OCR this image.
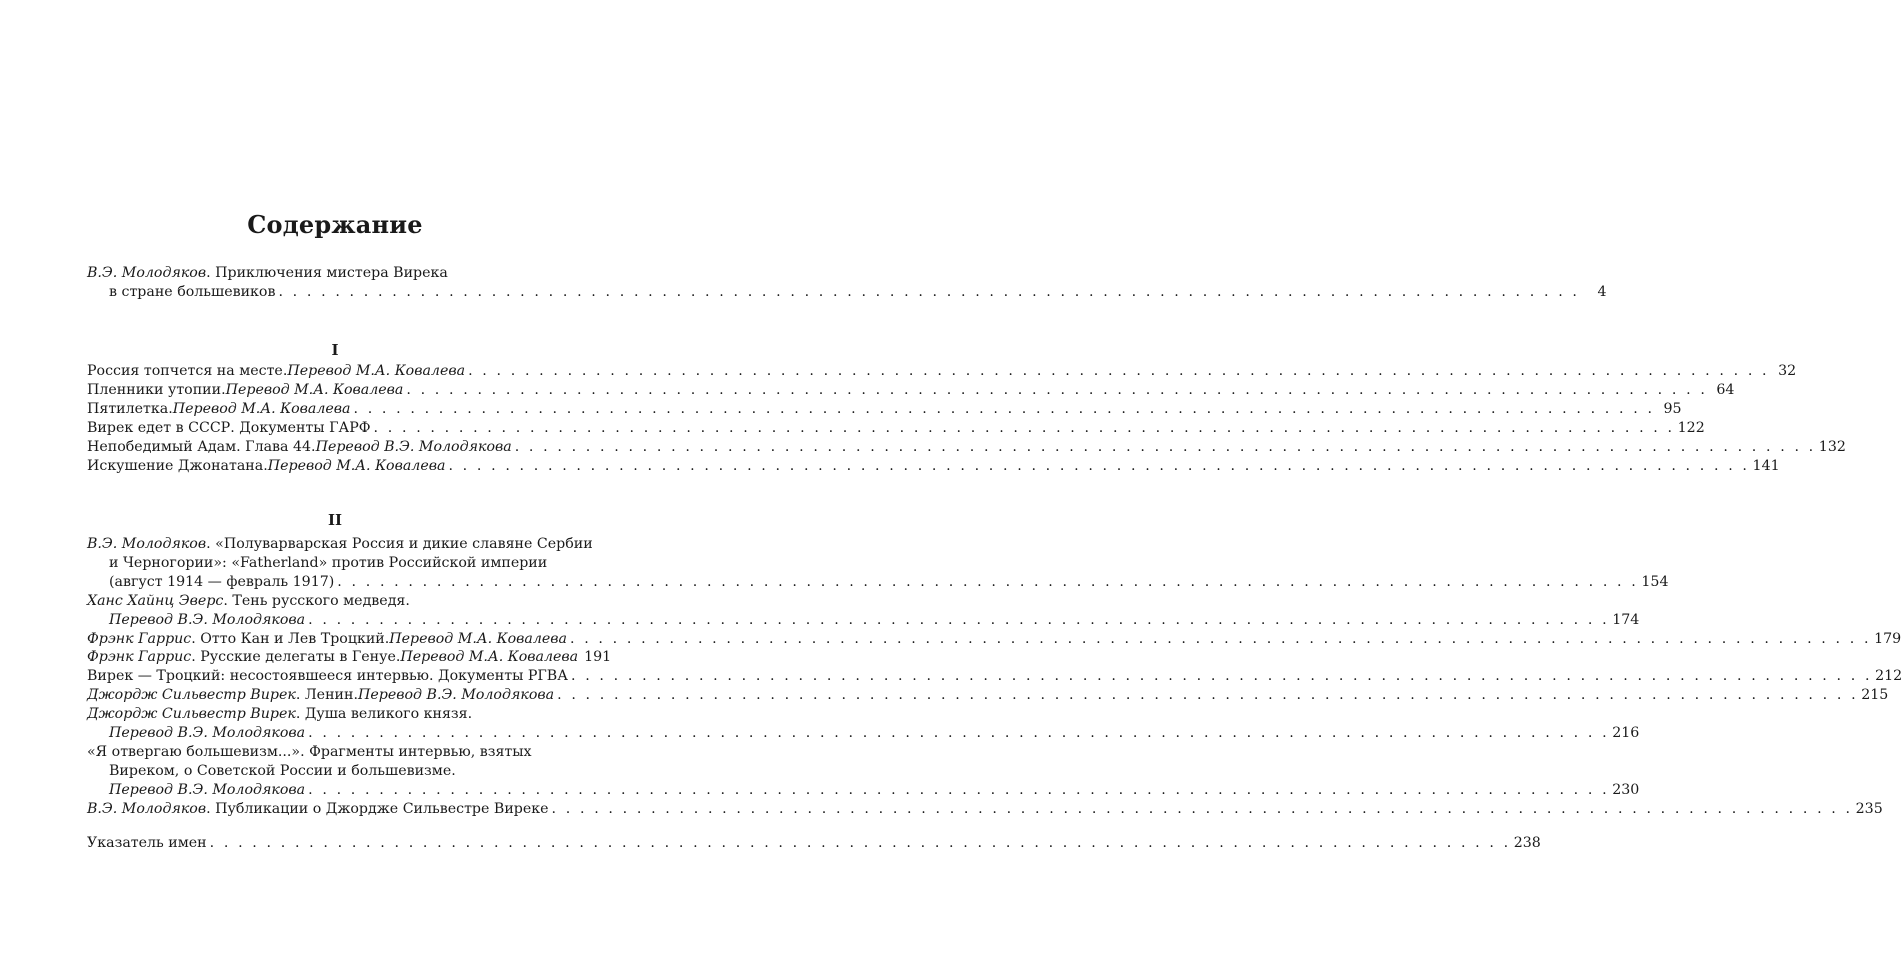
Содержание
В.Э. Молодяков . Приключения мистера Вирека
в стране большевиков . . . . . . . . . . . . . . . . . . . . . . . . . . . . . . . . . . . . . . . . . . . . . . . . . . . . . . . . . . . . . . . . . . . . . . . . . . . . . . . . . . . . . . . . . . . .	4
I
Россия топчется на месте. Перевод М.А. Ковалева . . . . . . . . . . . . . . . . . . . . . . . . . . . . . . . . . . . . . . . . . . . . . . . . . . . . . . . . . . . . . . . . . . . . . . . . . . . . . . . . . . . . . . . . . . . . 32
Пленники утопии. Перевод М.А. Ковалева . . . . . . . . . . . . . . . . . . . . . . . . . . . . . . . . . . . . . . . . . . . . . . . . . . . . . . . . . . . . . . . . . . . . . . . . . . . . . . . . . . . . . . . . . . . . 64
Пятилетка. Перевод М.А. Ковалева . . . . . . . . . . . . . . . . . . . . . . . . . . . . . . . . . . . . . . . . . . . . . . . . . . . . . . . . . . . . . . . . . . . . . . . . . . . . . . . . . . . . . . . . . . . . 95
Вирек едет в СССР. Документы ГАРФ . . . . . . . . . . . . . . . . . . . . . . . . . . . . . . . . . . . . . . . . . . . . . . . . . . . . . . . . . . . . . . . . . . . . . . . . . . . . . . . . . . . . . . . . . . . . 122
Непобедимый Адам. Глава 44. Перевод В.Э. Молодякова . . . . . . . . . . . . . . . . . . . . . . . . . . . . . . . . . . . . . . . . . . . . . . . . . . . . . . . . . . . . . . . . . . . . . . . . . . . . . . . . . . . . . . . . . . . . 132
Искушение Джонатана. Перевод М.А. Ковалева . . . . . . . . . . . . . . . . . . . . . . . . . . . . . . . . . . . . . . . . . . . . . . . . . . . . . . . . . . . . . . . . . . . . . . . . . . . . . . . . . . . . . . . . . . . . 141
II
В.Э. Молодяков . «Полуварварская Россия и дикие славяне Сербии
и Черногории»: «Fatherland» против Российской империи
(август 1914 — февраль 1917) . . . . . . . . . . . . . . . . . . . . . . . . . . . . . . . . . . . . . . . . . . . . . . . . . . . . . . . . . . . . . . . . . . . . . . . . . . . . . . . . . . . . . . . . . . . . 154
Ханс Хайнц Эверс . Тень русского медведя.
Перевод В.Э. Молодякова . . . . . . . . . . . . . . . . . . . . . . . . . . . . . . . . . . . . . . . . . . . . . . . . . . . . . . . . . . . . . . . . . . . . . . . . . . . . . . . . . . . . . . . . . . . . 174
Фрэнк Гаррис . Отто Кан и Лев Троцкий. Перевод М.А. Ковалева . . . . . . . . . . . . . . . . . . . . . . . . . . . . . . . . . . . . . . . . . . . . . . . . . . . . . . . . . . . . . . . . . . . . . . . . . . . . . . . . . . . . . . . . . . . . 179
Фрэнк Гаррис . Русские делегаты в Генуе. Перевод М.А. Ковалева 191
Вирек — Троцкий: несостоявшееся интервью. Документы РГВА . . . . . . . . . . . . . . . . . . . . . . . . . . . . . . . . . . . . . . . . . . . . . . . . . . . . . . . . . . . . . . . . . . . . . . . . . . . . . . . . . . . . . . . . . . . . 212
Джордж Сильвестр Вирек . Ленин. Перевод В.Э. Молодякова . . . . . . . . . . . . . . . . . . . . . . . . . . . . . . . . . . . . . . . . . . . . . . . . . . . . . . . . . . . . . . . . . . . . . . . . . . . . . . . . . . . . . . . . . . . . 215
Джордж Сильвестр Вирек . Душа великого князя.
Перевод В.Э. Молодякова . . . . . . . . . . . . . . . . . . . . . . . . . . . . . . . . . . . . . . . . . . . . . . . . . . . . . . . . . . . . . . . . . . . . . . . . . . . . . . . . . . . . . . . . . . . . 216
«Я отвергаю большевизм...». Фрагменты интервью, взятых
Виреком, о Советской России и большевизме.
Перевод В.Э. Молодякова . . . . . . . . . . . . . . . . . . . . . . . . . . . . . . . . . . . . . . . . . . . . . . . . . . . . . . . . . . . . . . . . . . . . . . . . . . . . . . . . . . . . . . . . . . . . 230
В.Э. Молодяков . Публикации о Джордже Сильвестре Виреке . . . . . . . . . . . . . . . . . . . . . . . . . . . . . . . . . . . . . . . . . . . . . . . . . . . . . . . . . . . . . . . . . . . . . . . . . . . . . . . . . . . . . . . . . . . . 235
Указатель имен . . . . . . . . . . . . . . . . . . . . . . . . . . . . . . . . . . . . . . . . . . . . . . . . . . . . . . . . . . . . . . . . . . . . . . . . . . . . . . . . . . . . . . . . . . . . 238
